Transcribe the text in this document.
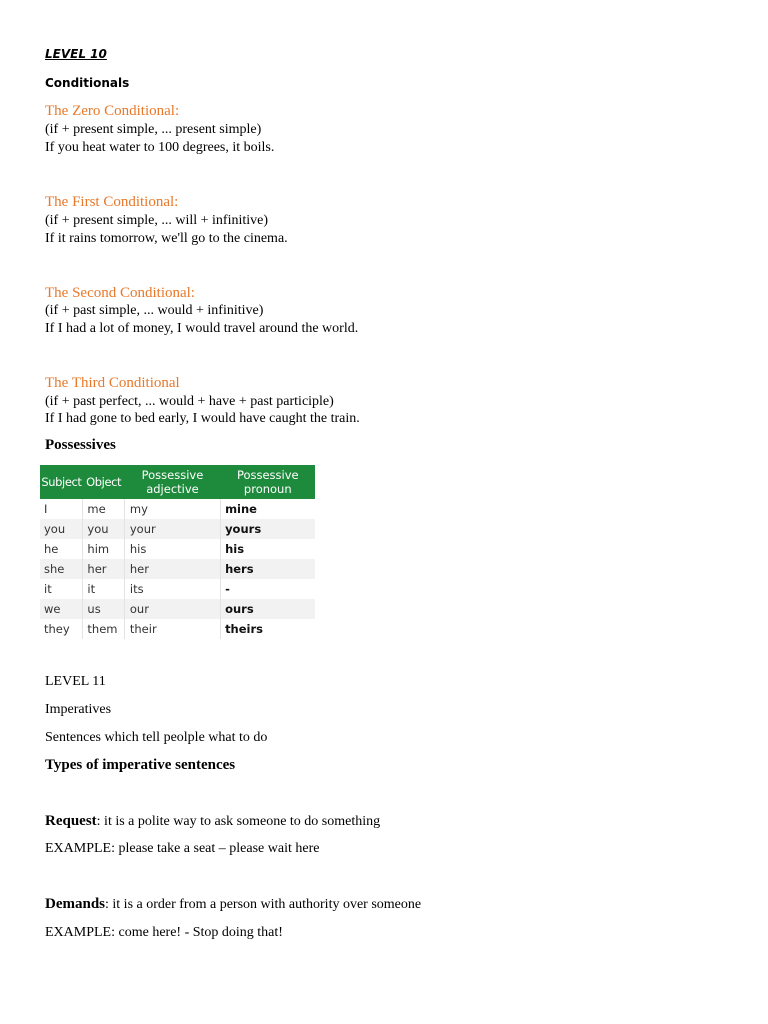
LEVEL 10
Conditionals
The Zero Conditional:
(if + present simple, ... present simple)
If you heat water to 100 degrees, it boils.
The First Conditional:
(if + present simple, ... will + infinitive)
If it rains tomorrow, we'll go to the cinema.
The Second Conditional:
(if + past simple, ... would + infinitive)
If I had a lot of money, I would travel around the world.
The Third Conditional
(if + past perfect, ... would + have + past participle)
If I had gone to bed early, I would have caught the train.
Possessives
Subject	Object	Possessive adjective	Possessive pronoun
I	me	my	mine
you	you	your	yours
he	him	his	his
she	her	her	hers
it	it	its	-
we	us	our	ours
they	them	their	theirs
LEVEL 11
Imperatives
Sentences which tell peolple what to do
Types of imperative sentences
Request: it is a polite way to ask someone to do something
EXAMPLE: please take a seat – please wait here
Demands: it is a order from a person with authority over someone
EXAMPLE: come here! - Stop doing that!
